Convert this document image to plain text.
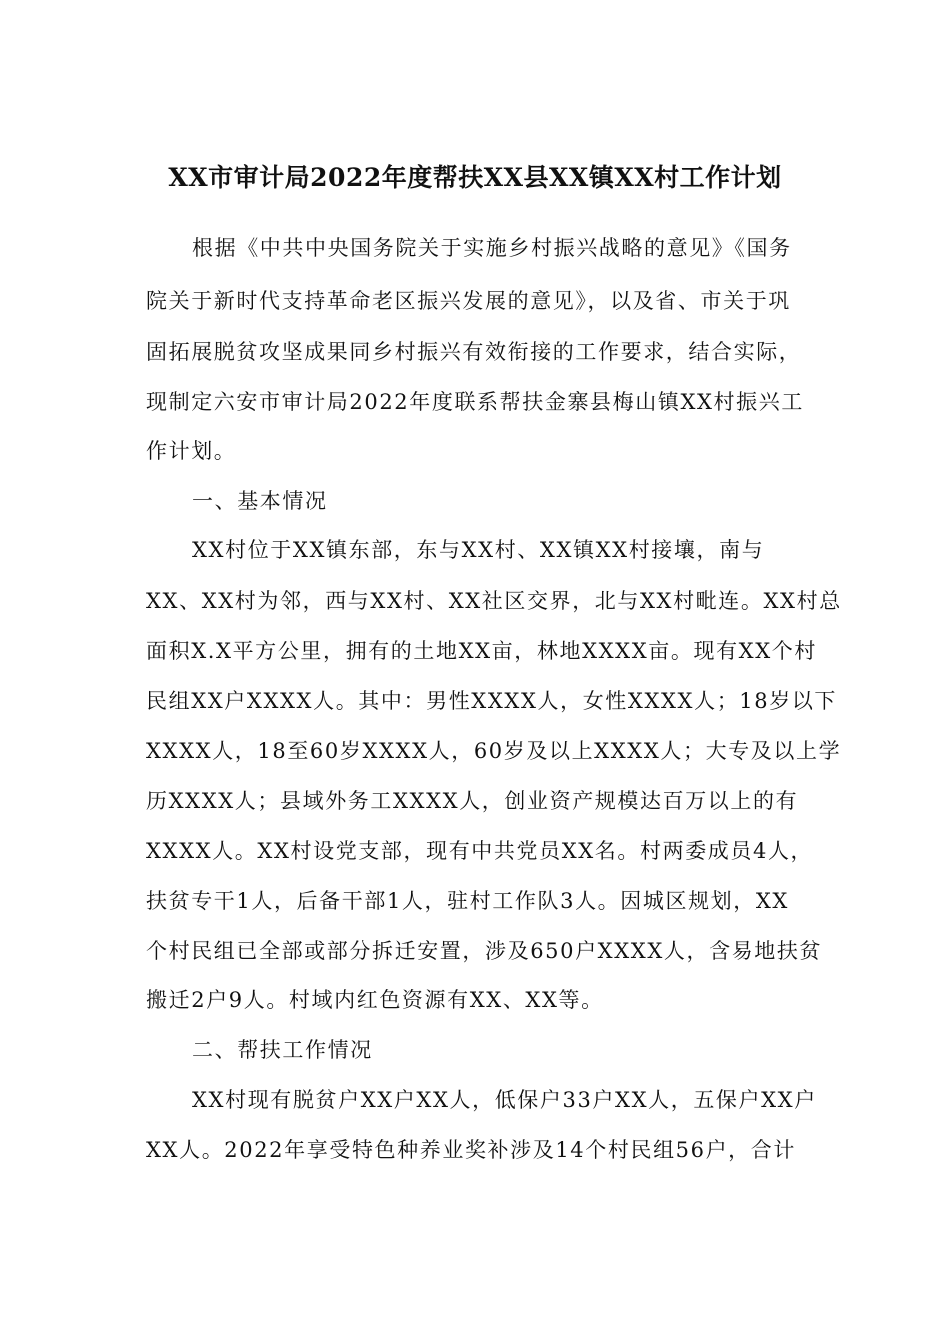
XX市审计局2022年度帮扶XX县XX镇XX村工作计划
根据《中共中央国务院关于实施乡村振兴战略的意见》《国务
院关于新时代支持革命老区振兴发展的意见》，以及省、市关于巩
固拓展脱贫攻坚成果同乡村振兴有效衔接的工作要求，结合实际，
现制定六安市审计局2022年度联系帮扶金寨县梅山镇XX村振兴工
作计划。
一、基本情况
XX村位于XX镇东部，东与XX村、XX镇XX村接壤，南与
XX、XX村为邻，西与XX村、XX社区交界，北与XX村毗连。XX村总
面积X.X平方公里，拥有的土地XX亩，林地XXXX亩。现有XX个村
民组XX户XXXX人。其中：男性XXXX人，女性XXXX人；18岁以下
XXXX人，18至60岁XXXX人，60岁及以上XXXX人；大专及以上学
历XXXX人；县域外务工XXXX人，创业资产规模达百万以上的有
XXXX人。XX村设党支部，现有中共党员XX名。村两委成员4人，
扶贫专干1人，后备干部1人，驻村工作队3人。因城区规划，XX
个村民组已全部或部分拆迁安置，涉及650户XXXX人，含易地扶贫
搬迁2户9人。村域内红色资源有XX、XX等。
二、帮扶工作情况
XX村现有脱贫户XX户XX人，低保户33户XX人，五保户XX户
XX人。2022年享受特色种养业奖补涉及14个村民组56户，合计
